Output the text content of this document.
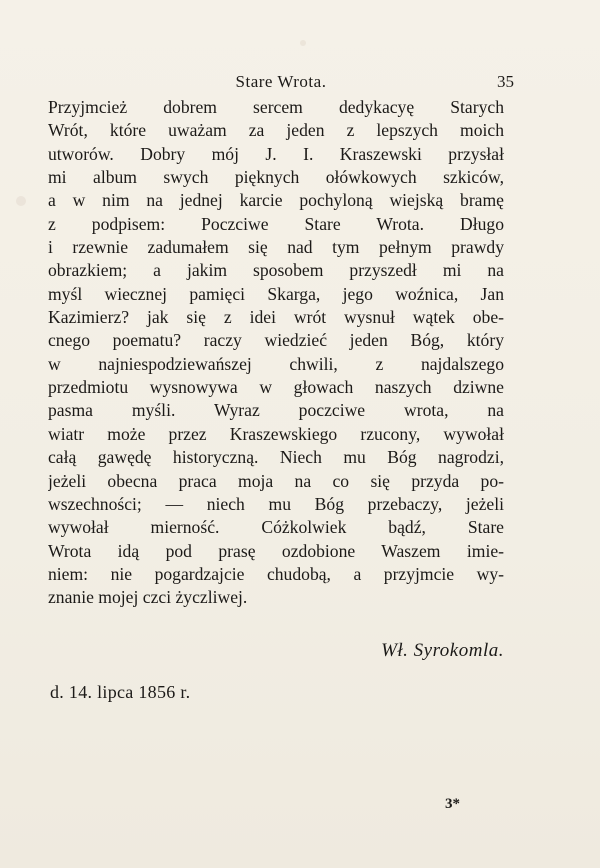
Stare Wrota.	35
Przyjmcież dobrem sercem dedykacyę Starych
Wrót, które uważam za jeden z lepszych moich
utworów. Dobry mój J. I. Kraszewski przysłał
mi album swych pięknych ołówkowych szkiców,
a w nim na jednej karcie pochyloną wiejską bramę
z podpisem: Poczciwe Stare Wrota. Długo
i rzewnie zadumałem się nad tym pełnym prawdy
obrazkiem; a jakim sposobem przyszedł mi na
myśl wiecznej pamięci Skarga, jego woźnica, Jan
Kazimierz? jak się z idei wrót wysnuł wątek obe-
cnego poematu? raczy wiedzieć jeden Bóg, który
w najniespodziewańszej chwili, z najdalszego
przedmiotu wysnowywa w głowach naszych dziwne
pasma myśli. Wyraz poczciwe wrota, na
wiatr może przez Kraszewskiego rzucony, wywołał
całą gawędę historyczną. Niech mu Bóg nagrodzi,
jeżeli obecna praca moja na co się przyda po-
wszechności; — niech mu Bóg przebaczy, jeżeli
wywołał mierność. Cóżkolwiek bądź, Stare
Wrota idą pod prasę ozdobione Waszem imie-
niem: nie pogardzajcie chudobą, a przyjmcie wy-
znanie mojej czci życzliwej.
Wł. Syrokomla.
d. 14. lipca 1856 r.
3*
